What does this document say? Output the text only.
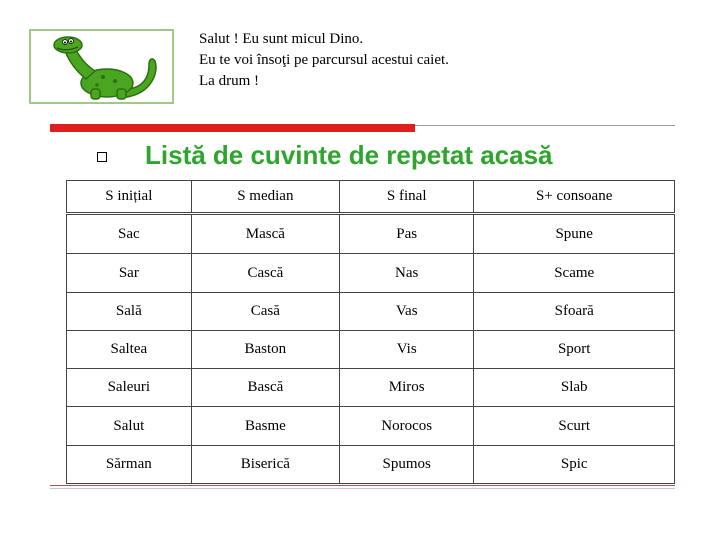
Salut ! Eu sunt micul Dino.
Eu te voi însoţi pe parcursul acestui caiet.
La drum !
Listă de cuvinte de repetat acasă
S inițial	S median	S final	S+ consoane
Sac	Mască	Pas	Spune
Sar	Cască	Nas	Scame
Sală	Casă	Vas	Sfoară
Saltea	Baston	Vis	Sport
Saleuri	Bască	Miros	Slab
Salut	Basme	Norocos	Scurt
Sărman	Biserică	Spumos	Spic
